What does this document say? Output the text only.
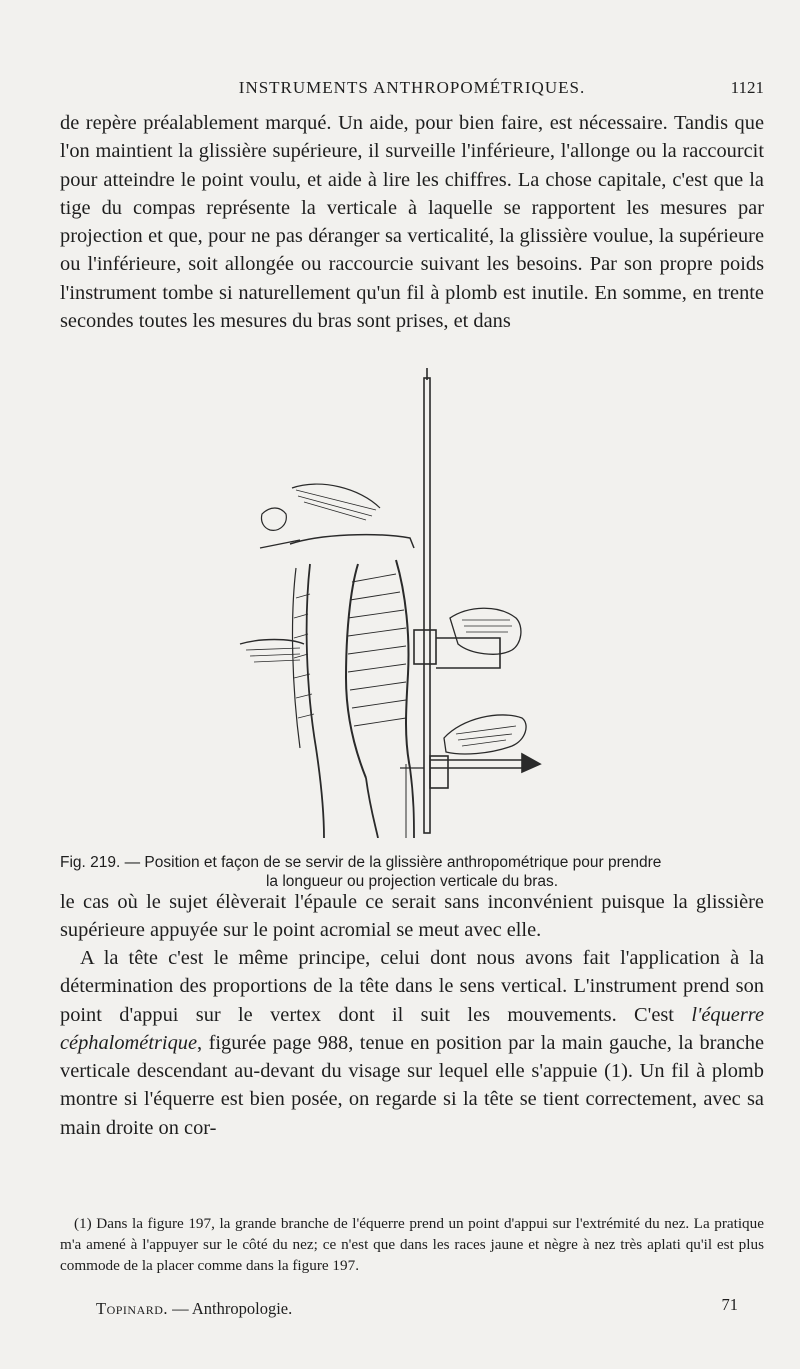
INSTRUMENTS ANTHROPOMÉTRIQUES.	1121

de repère préalablement marqué. Un aide, pour bien faire, est nécessaire. Tandis que l'on maintient la glissière supérieure, il surveille l'inférieure, l'allonge ou la raccourcit pour atteindre le point voulu, et aide à lire les chiffres. La chose capitale, c'est que la tige du compas représente la verticale à laquelle se rapportent les mesures par projection et que, pour ne pas déranger sa verticalité, la glissière voulue, la supérieure ou l'inférieure, soit allongée ou raccourcie suivant les besoins. Par son propre poids l'instrument tombe si naturellement qu'un fil à plomb est inutile. En somme, en trente secondes toutes les mesures du bras sont prises, et dans

Fig. 219. — Position et façon de se servir de la glissière anthropométrique pour prendre
la longueur ou projection verticale du bras.

le cas où le sujet élèverait l'épaule ce serait sans inconvénient puisque la glissière supérieure appuyée sur le point acromial se meut avec elle.

A la tête c'est le même principe, celui dont nous avons fait l'application à la détermination des proportions de la tête dans le sens vertical. L'instrument prend son point d'appui sur le vertex dont il suit les mouvements. C'est l'équerre céphalométrique, figurée page 988, tenue en position par la main gauche, la branche verticale descendant au-devant du visage sur lequel elle s'appuie (1). Un fil à plomb montre si l'équerre est bien posée, on regarde si la tête se tient correctement, avec sa main droite on cor-

(1) Dans la figure 197, la grande branche de l'équerre prend un point d'appui sur l'extrémité du nez. La pratique m'a amené à l'appuyer sur le côté du nez; ce n'est que dans les races jaune et nègre à nez très aplati qu'il est plus commode de la placer comme dans la figure 197.

Topinard. — Anthropologie.	71
